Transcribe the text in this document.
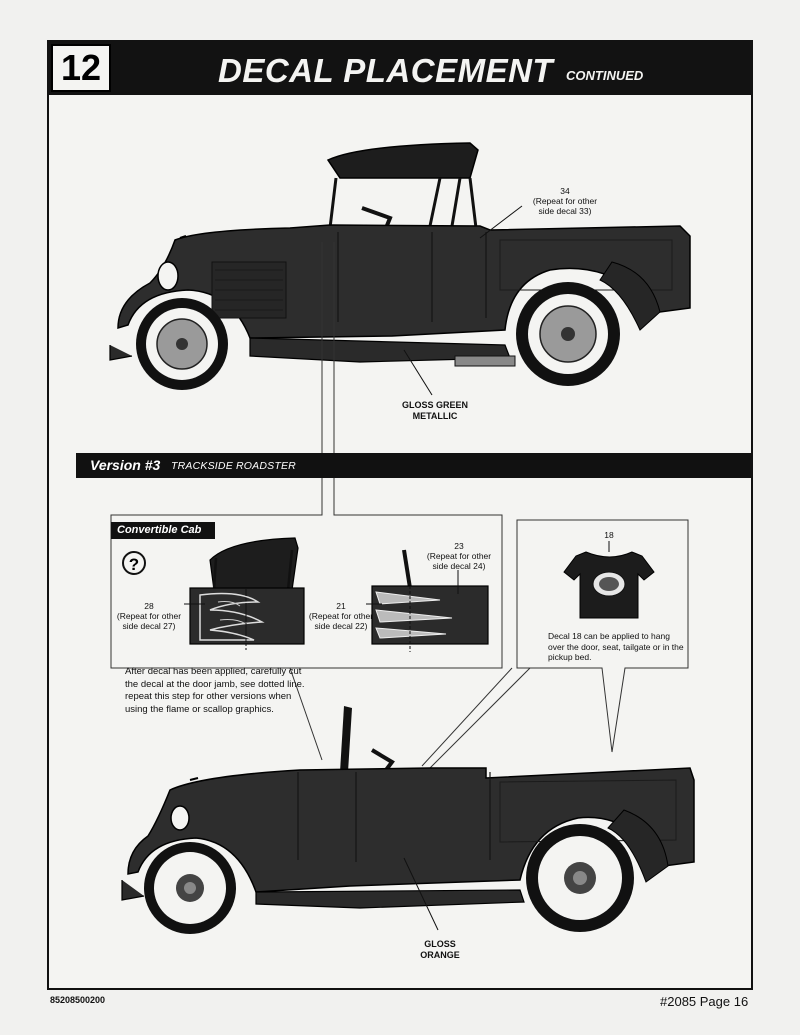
12	DECAL PLACEMENT CONTINUED
34
(Repeat for other
side decal 33)
GLOSS GREEN
METALLIC
Version #3 TRACKSIDE ROADSTER
Convertible Cab
?
28
(Repeat for other
side decal 27)
21
(Repeat for other
side decal 22)
23
(Repeat for other
side decal 24)
After decal has been applied, carefully cut the decal at the door jamb, see dotted line. repeat this step for other versions when using the flame or scallop graphics.
18
Decal 18 can be applied to hang over the door, seat, tailgate or in the pickup bed.
GLOSS
ORANGE
85208500200	#2085 Page 16
